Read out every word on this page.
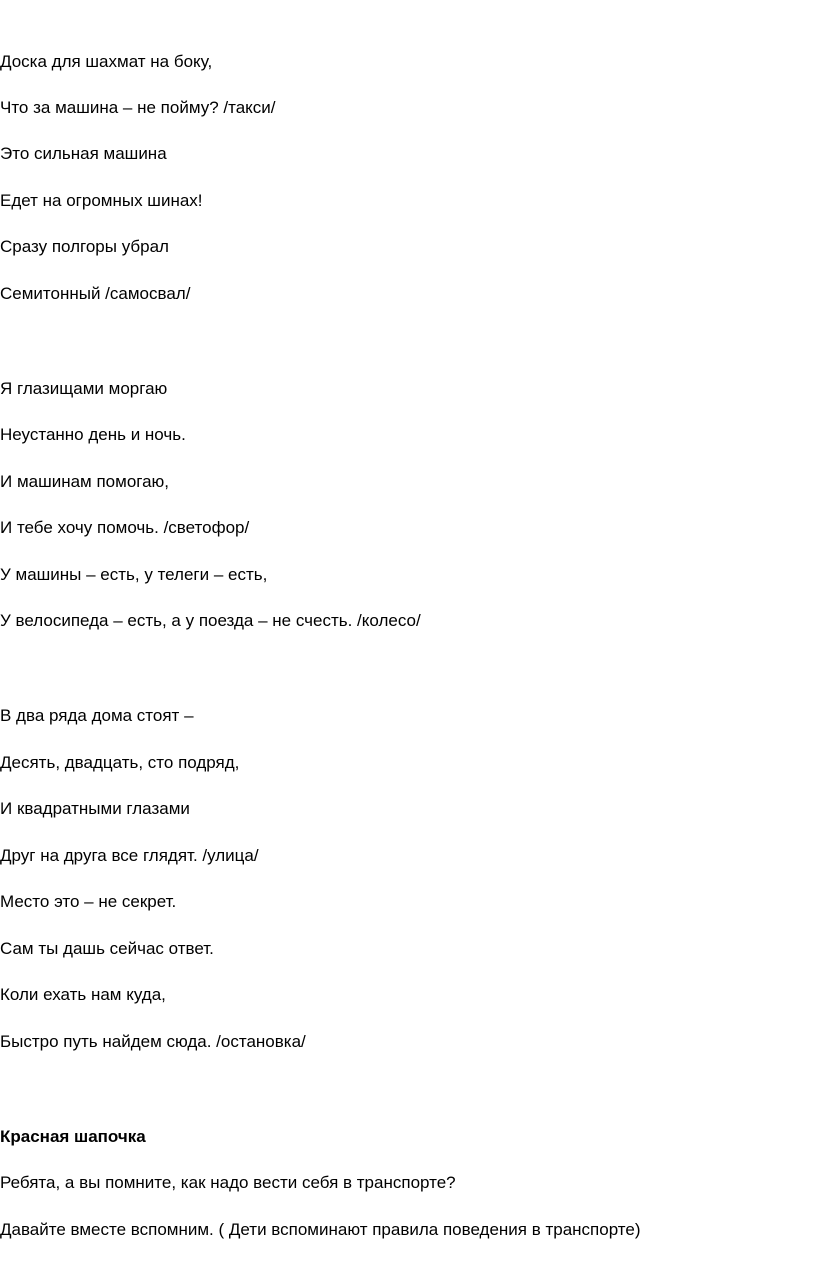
Доска для шахмат на боку,
Что за машина – не пойму? /такси/
Это сильная машина
Едет на огромных шинах!
Сразу полгоры убрал
Семитонный /самосвал/
Я глазищами моргаю
Неустанно день и ночь.
И машинам помогаю,
И тебе хочу помочь. /светофор/
У машины – есть, у телеги – есть,
У велосипеда – есть, а у поезда – не счесть. /колесо/
В два ряда дома стоят –
Десять, двадцать, сто подряд,
И квадратными глазами
Друг на друга все глядят. /улица/
Место это – не секрет.
Сам ты дашь сейчас ответ.
Коли ехать нам куда,
Быстро путь найдем сюда. /остановка/
Красная шапочка
Ребята, а вы помните, как надо вести себя в транспорте?
Давайте вместе вспомним. ( Дети вспоминают правила поведения в транспорте)
